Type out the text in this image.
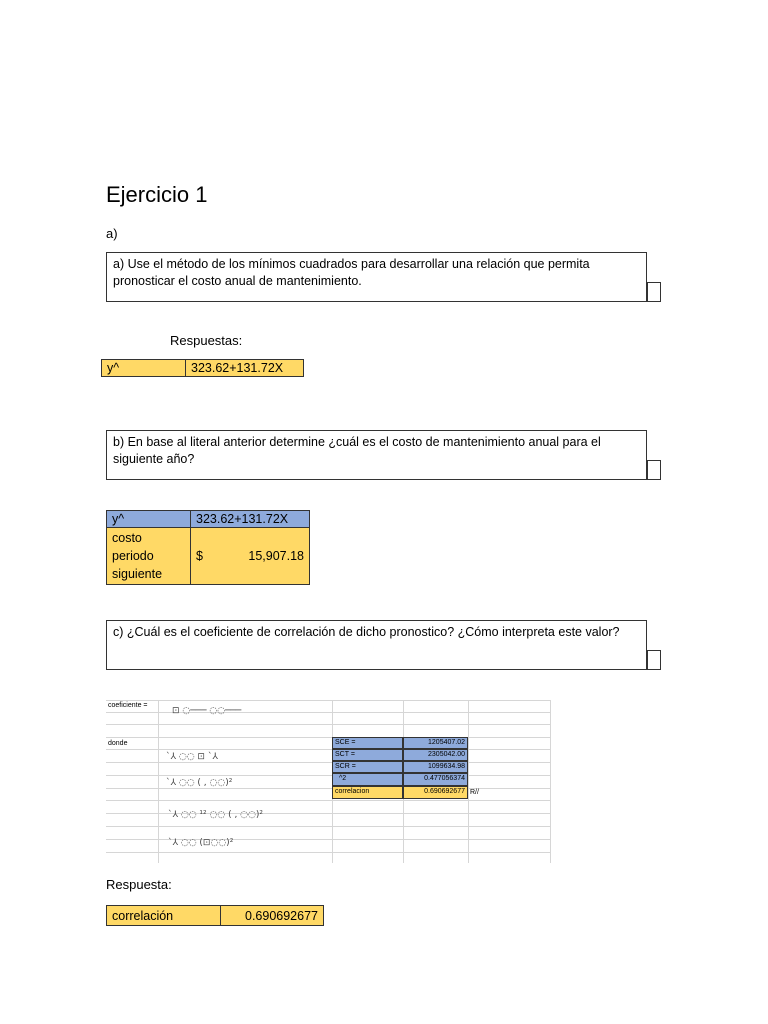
Ejercicio 1
a)
a) Use el método de los mínimos cuadrados para desarrollar una relación que permita pronosticar el costo anual de mantenimiento.
Respuestas:
y^	323.62+131.72X
b) En base al literal anterior determine ¿cuál es el costo de mantenimiento anual para el siguiente año?
y^	323.62+131.72X
costo periodo siguiente	$ 15,907.18
c) ¿Cuál es el coeficiente de correlación de dicho pronostico? ¿Cómo interpreta este valor?
coeficiente =
donde
⊡ ◌─── ◌◌───
`⅄ ◌◌ ⊡ `⅄
`⅄ ◌◌ ( , ◌◌)²
`⅄ ◌◌ ¹² ◌◌ ( , ◌◌)²
`⅄ ◌◌ (⊡◌◌)²
SCE =	1205407.02
SCT =	2305042.00
SCR =	1099634.98
^2	0.477056374
correlacion	0.690692677 R//
Respuesta:
correlación	0.690692677
